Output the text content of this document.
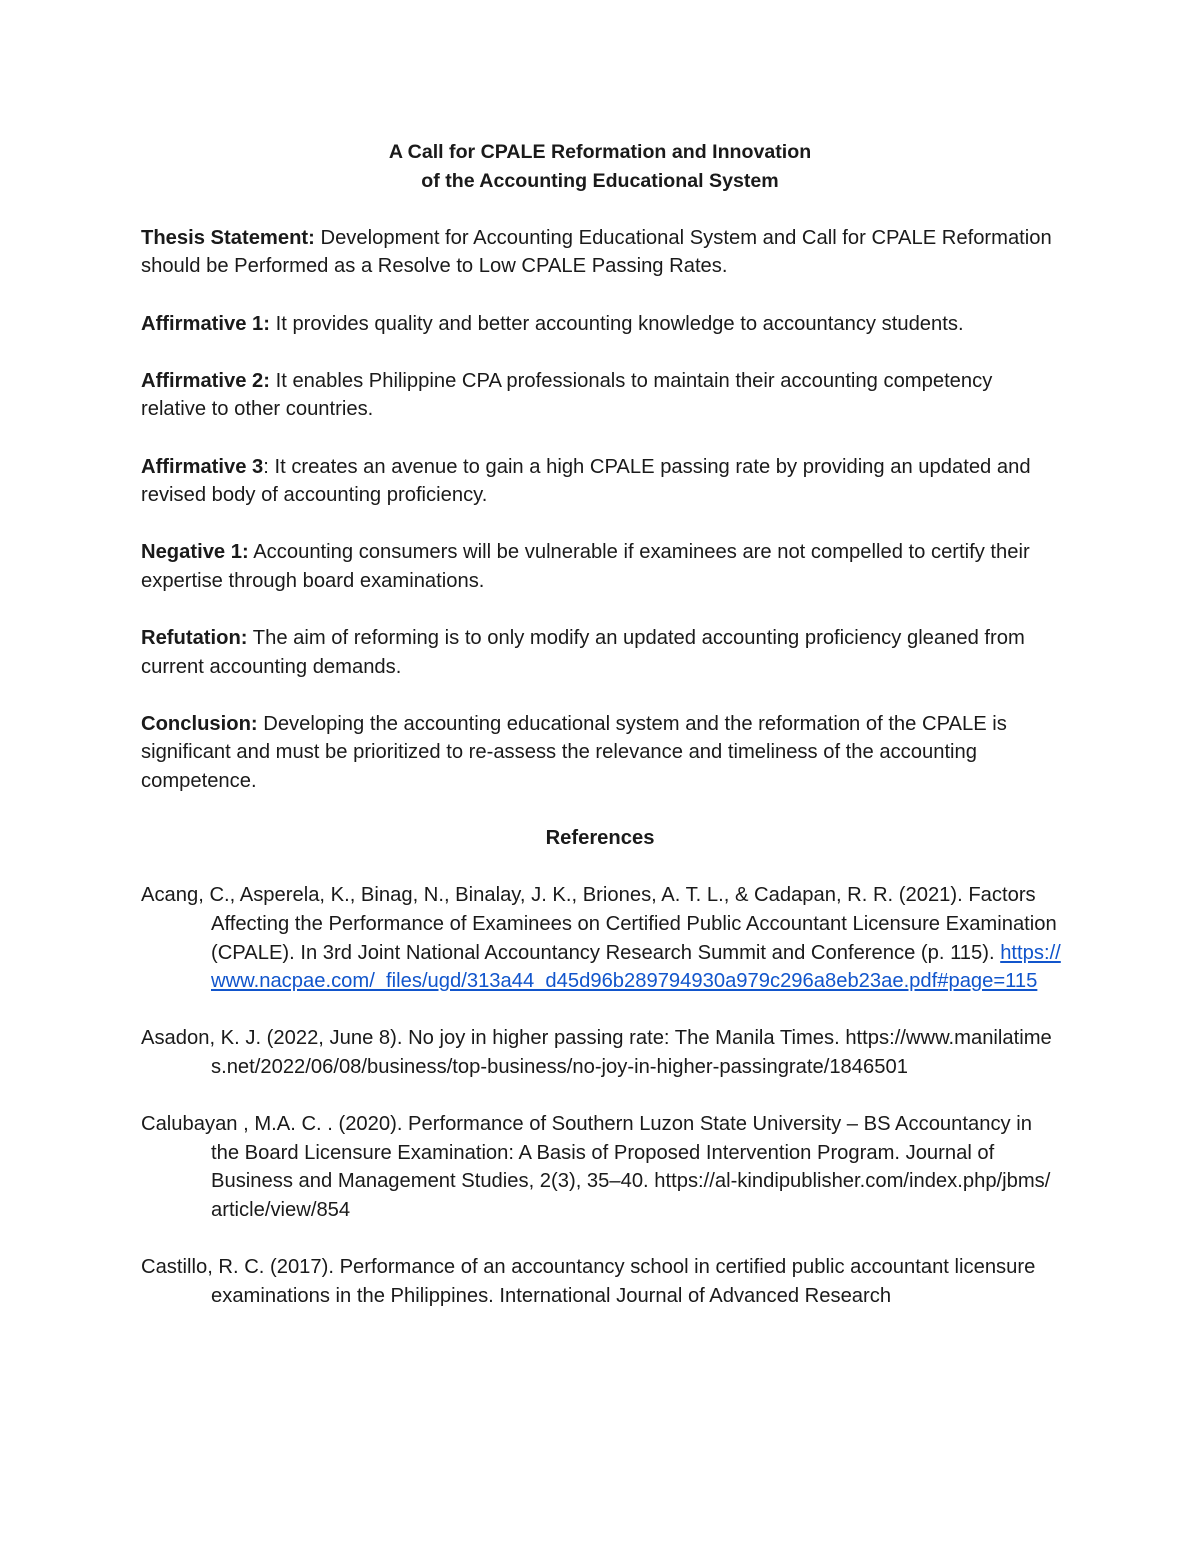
A Call for CPALE Reformation and Innovation
of the Accounting Educational System
Thesis Statement: Development for Accounting Educational System and Call for CPALE Reformation should be Performed as a Resolve to Low CPALE Passing Rates.
Affirmative 1: It provides quality and better accounting knowledge to accountancy students.
Affirmative 2: It enables Philippine CPA professionals to maintain their accounting competency relative to other countries.
Affirmative 3: It creates an avenue to gain a high CPALE passing rate by providing an updated and revised body of accounting proficiency.
Negative 1: Accounting consumers will be vulnerable if examinees are not compelled to certify their expertise through board examinations.
Refutation: The aim of reforming is to only modify an updated accounting proficiency gleaned from current accounting demands.
Conclusion: Developing the accounting educational system and the reformation of the CPALE is significant and must be prioritized to re-assess the relevance and timeliness of the accounting competence.
References
Acang, C., Asperela, K., Binag, N., Binalay, J. K., Briones, A. T. L., & Cadapan, R. R. (2021). Factors Affecting the Performance of Examinees on Certified Public Accountant Licensure Examination (CPALE). In 3rd Joint National Accountancy Research Summit and Conference (p. 115). https://www.nacpae.com/_files/ugd/313a44_d45d96b289794930a979c296a8eb23ae.pdf#page=115
Asadon, K. J. (2022, June 8). No joy in higher passing rate: The Manila Times. https://www.manilatimes.net/2022/06/08/business/top-business/no-joy-in-higher-passingrate/1846501
Calubayan , M.A. C. . (2020). Performance of Southern Luzon State University – BS Accountancy in the Board Licensure Examination: A Basis of Proposed Intervention Program. Journal of Business and Management Studies, 2(3), 35–40. https://al-kindipublisher.com/index.php/jbms/article/view/854
Castillo, R. C. (2017). Performance of an accountancy school in certified public accountant licensure examinations in the Philippines. International Journal of Advanced Research
